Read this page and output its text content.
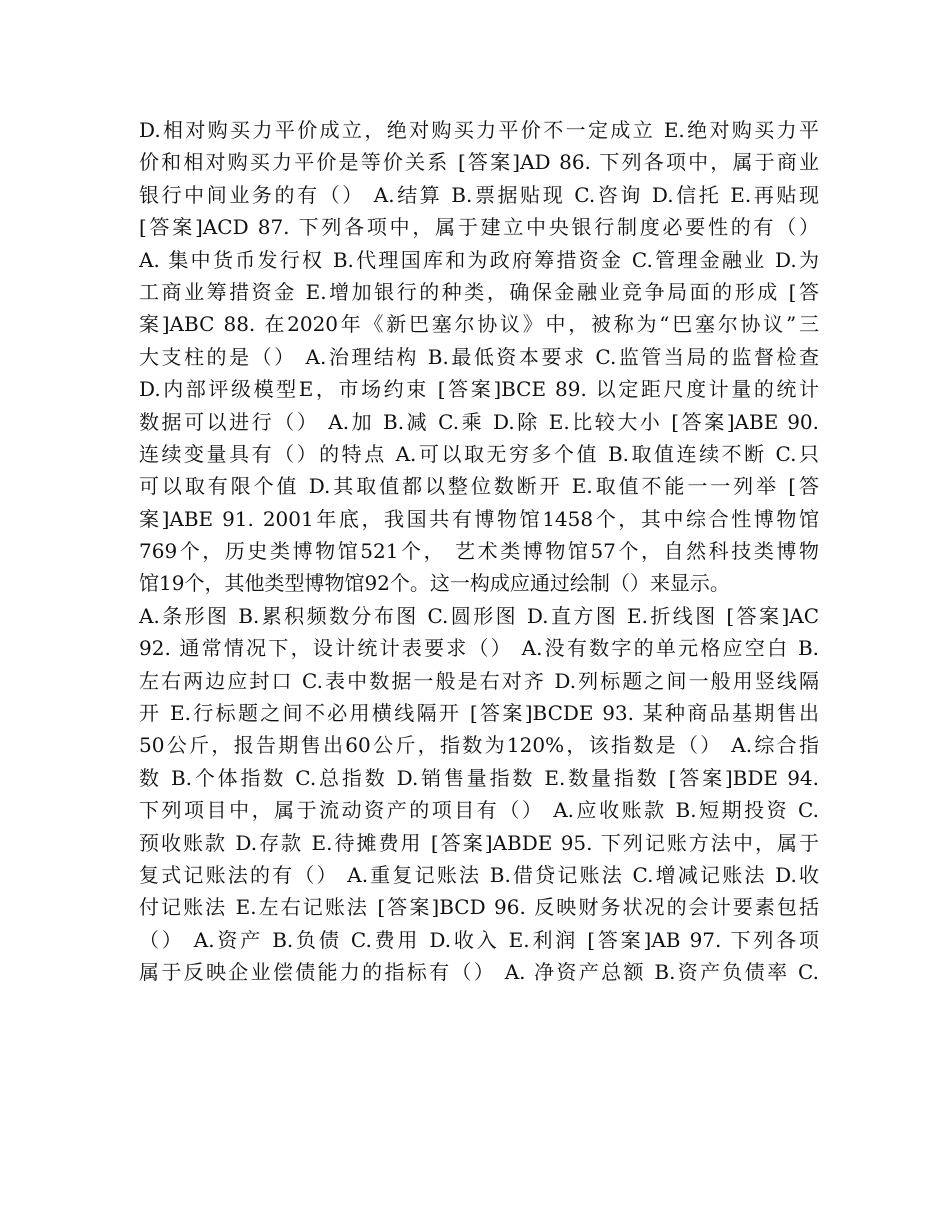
D.相对购买力平价成立，绝对购买力平价不一定成立 E.绝对购买力平
价和相对购买力平价是等价关系 [答案]AD 86. 下列各项中，属于商业
银行中间业务的有（） A.结算 B.票据贴现 C.咨询 D.信托 E.再贴现
[答案]ACD 87. 下列各项中，属于建立中央银行制度必要性的有（）
A. 集中货币发行权 B.代理国库和为政府筹措资金 C.管理金融业 D.为
工商业筹措资金 E.增加银行的种类，确保金融业竞争局面的形成 [答
案]ABC 88. 在2020年《新巴塞尔协议》中，被称为“巴塞尔协议”三
大支柱的是（） A.治理结构 B.最低资本要求 C.监管当局的监督检查
D.内部评级模型E，市场约束 [答案]BCE 89. 以定距尺度计量的统计
数据可以进行（） A.加 B.减 C.乘 D.除 E.比较大小 [答案]ABE 90.
连续变量具有（）的特点 A.可以取无穷多个值 B.取值连续不断 C.只
可以取有限个值 D.其取值都以整位数断开 E.取值不能一一列举 [答
案]ABE 91. 2001年底，我国共有博物馆1458个，其中综合性博物馆
769个，历史类博物馆521个， 艺术类博物馆57个，自然科技类博物
馆19个，其他类型博物馆92个。这一构成应通过绘制（）来显示。
A.条形图 B.累积频数分布图 C.圆形图 D.直方图 E.折线图 [答案]AC
92. 通常情况下，设计统计表要求（） A.没有数字的单元格应空白 B.
左右两边应封口 C.表中数据一般是右对齐 D.列标题之间一般用竖线隔
开 E.行标题之间不必用横线隔开 [答案]BCDE 93. 某种商品基期售出
50公斤，报告期售出60公斤，指数为120%，该指数是（） A.综合指
数 B.个体指数 C.总指数 D.销售量指数 E.数量指数 [答案]BDE 94.
下列项目中，属于流动资产的项目有（） A.应收账款 B.短期投资 C.
预收账款 D.存款 E.待摊费用 [答案]ABDE 95. 下列记账方法中，属于
复式记账法的有（） A.重复记账法 B.借贷记账法 C.增减记账法 D.收
付记账法 E.左右记账法 [答案]BCD 96. 反映财务状况的会计要素包括
（） A.资产 B.负债 C.费用 D.收入 E.利润 [答案]AB 97. 下列各项
属于反映企业偿债能力的指标有（） A. 净资产总额 B.资产负债率 C.
